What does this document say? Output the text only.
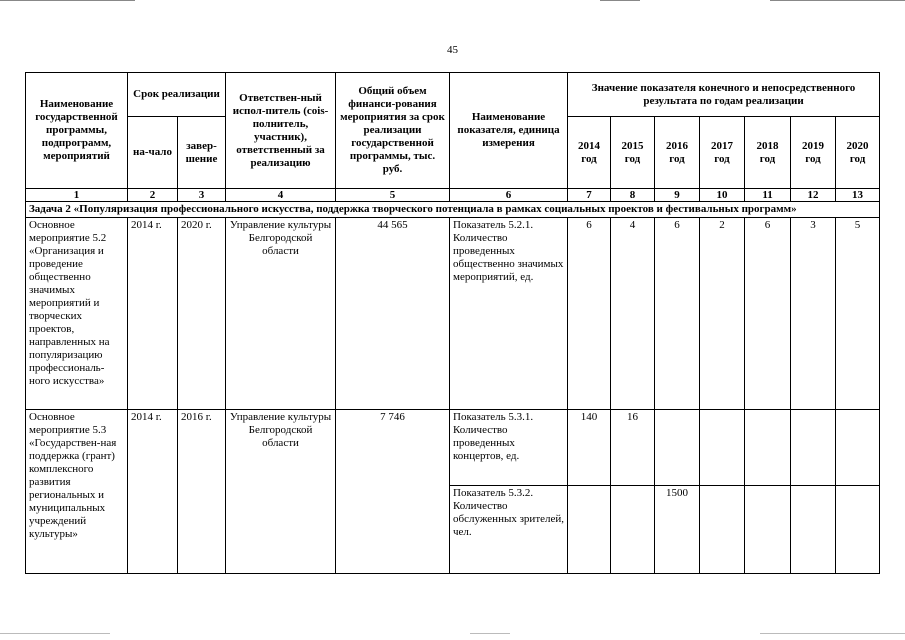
45
Наименование государственной программы, подпрограмм, мероприятий	Срок реализации		Ответствен-ный испол-питель (сois-полнитель, участник), ответственный за реализацию	Общий объем финанси-рования мероприятия за срок реализации государственной программы, тыс. руб.	Наименование показателя, единица измерения	Значение показателя конечного и непосредственного результата по годам реализации						
	на-чало	завер-шение				2014 год	2015 год	2016 год	2017 год	2018 год	2019 год	2020 год
1	2	3	4	5	6	7	8	9	10	11	12	13
Задача 2 «Популяризация профессионального искусства, поддержка творческого потенциала в рамках социальных проектов и фестивальных программ»												
Основное мероприятие 5.2 «Организация и проведение общественно значимых мероприятий и творческих проектов, направленных на популяризацию профессиональ-ного искусства»	2014 г.	2020 г.	Управление культуры Белгородской области	44 565	Показатель 5.2.1. Количество проведенных общественно значимых мероприятий, ед.	6	4	6	2	6	3	5
Основное мероприятие 5.3 «Государствен-ная поддержка (грант) комплексного развития региональных и муниципальных учреждений культуры»	2014 г.	2016 г.	Управление культуры Белгородской области	7 746	Показатель 5.3.1. Количество проведенных концертов, ед.	140	16					
					Показатель 5.3.2. Количество обслуженных зрителей, чел.			1500				
